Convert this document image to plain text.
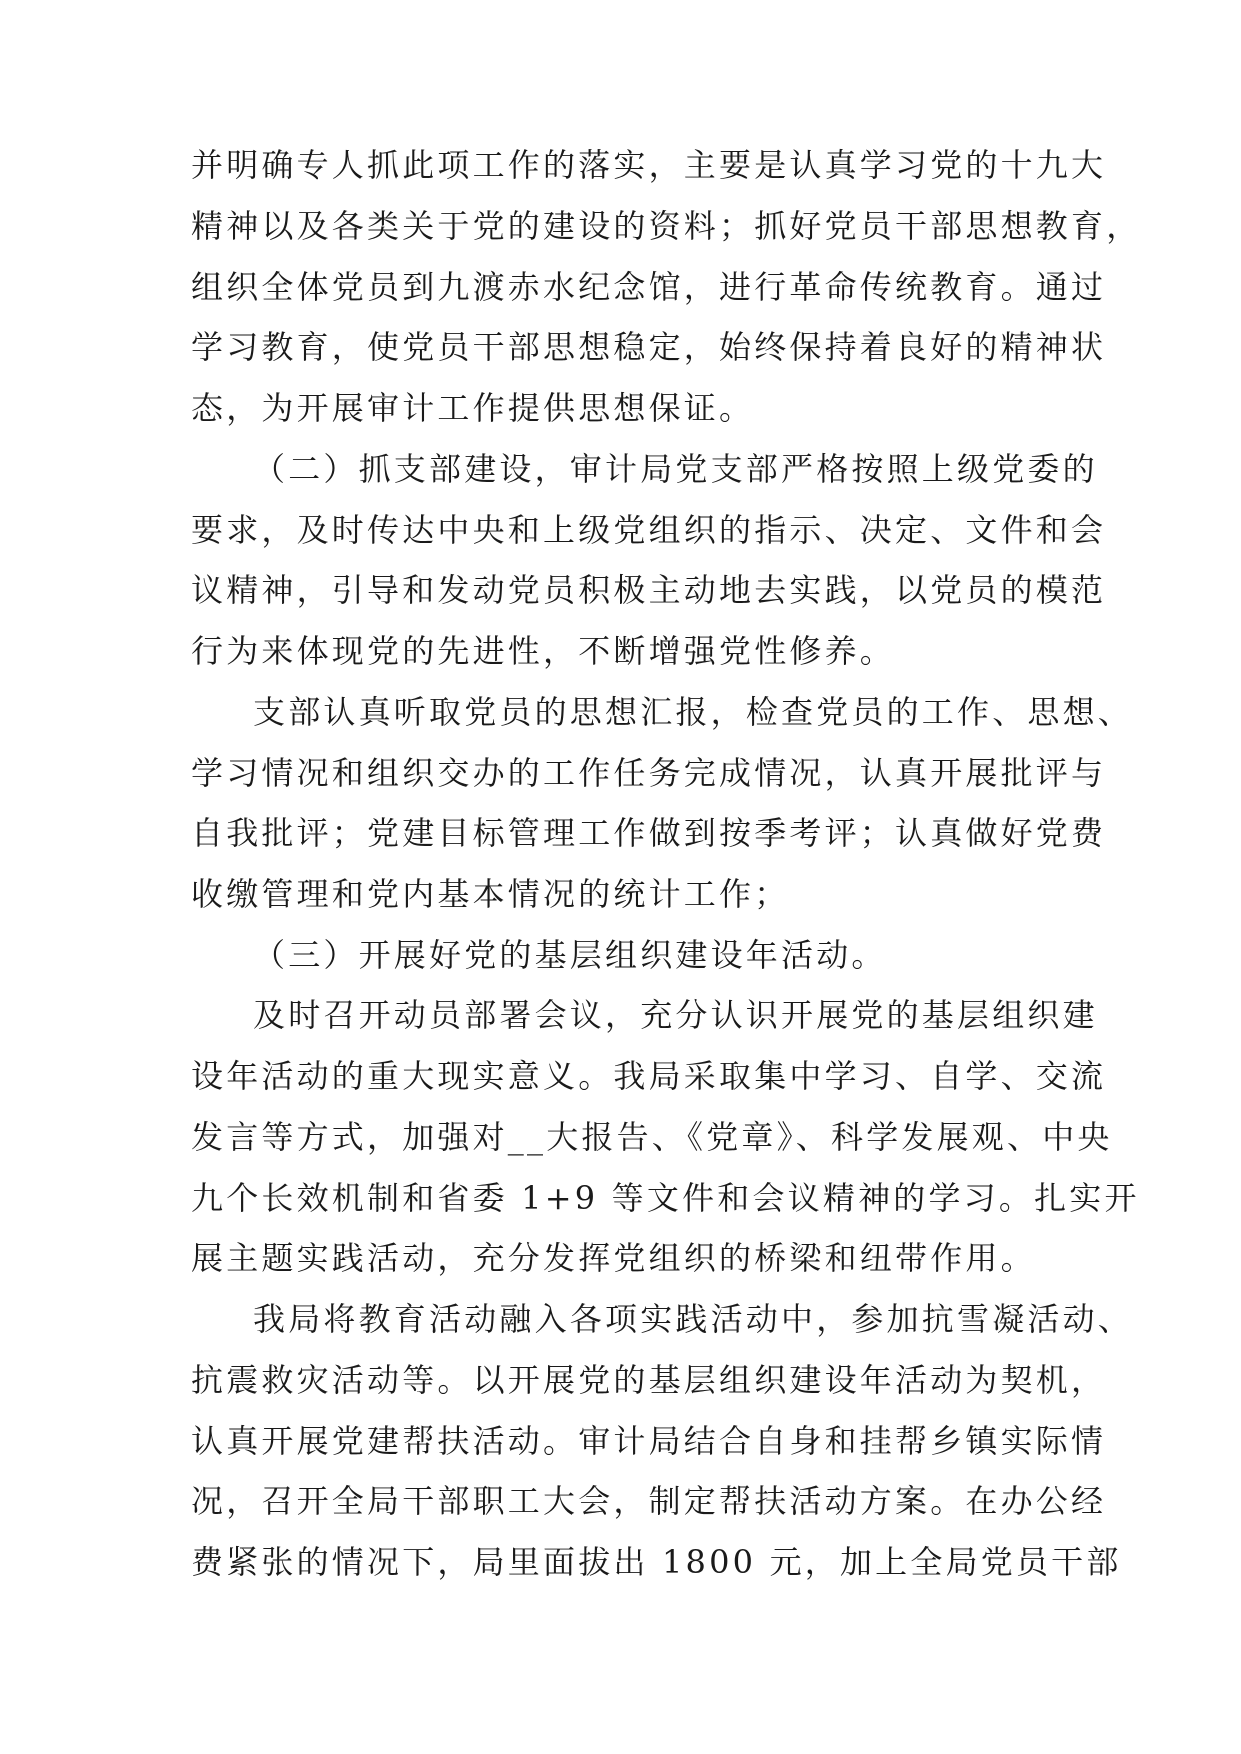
并明确专人抓此项工作的落实，主要是认真学习党的十九大
精神以及各类关于党的建设的资料；抓好党员干部思想教育，
组织全体党员到九渡赤水纪念馆，进行革命传统教育。通过
学习教育，使党员干部思想稳定，始终保持着良好的精神状
态，为开展审计工作提供思想保证。
（二）抓支部建设，审计局党支部严格按照上级党委的
要求，及时传达中央和上级党组织的指示、决定、文件和会
议精神，引导和发动党员积极主动地去实践，以党员的模范
行为来体现党的先进性，不断增强党性修养。
支部认真听取党员的思想汇报，检查党员的工作、思想、
学习情况和组织交办的工作任务完成情况，认真开展批评与
自我批评；党建目标管理工作做到按季考评；认真做好党费
收缴管理和党内基本情况的统计工作；
（三）开展好党的基层组织建设年活动。
及时召开动员部署会议，充分认识开展党的基层组织建
设年活动的重大现实意义。我局采取集中学习、自学、交流
发言等方式，加强对__大报告、《党章》、科学发展观、中央
九个长效机制和省委 1+9 等文件和会议精神的学习。扎实开
展主题实践活动，充分发挥党组织的桥梁和纽带作用。
我局将教育活动融入各项实践活动中，参加抗雪凝活动、
抗震救灾活动等。以开展党的基层组织建设年活动为契机，
认真开展党建帮扶活动。审计局结合自身和挂帮乡镇实际情
况，召开全局干部职工大会，制定帮扶活动方案。在办公经
费紧张的情况下，局里面拔出 1800 元，加上全局党员干部
